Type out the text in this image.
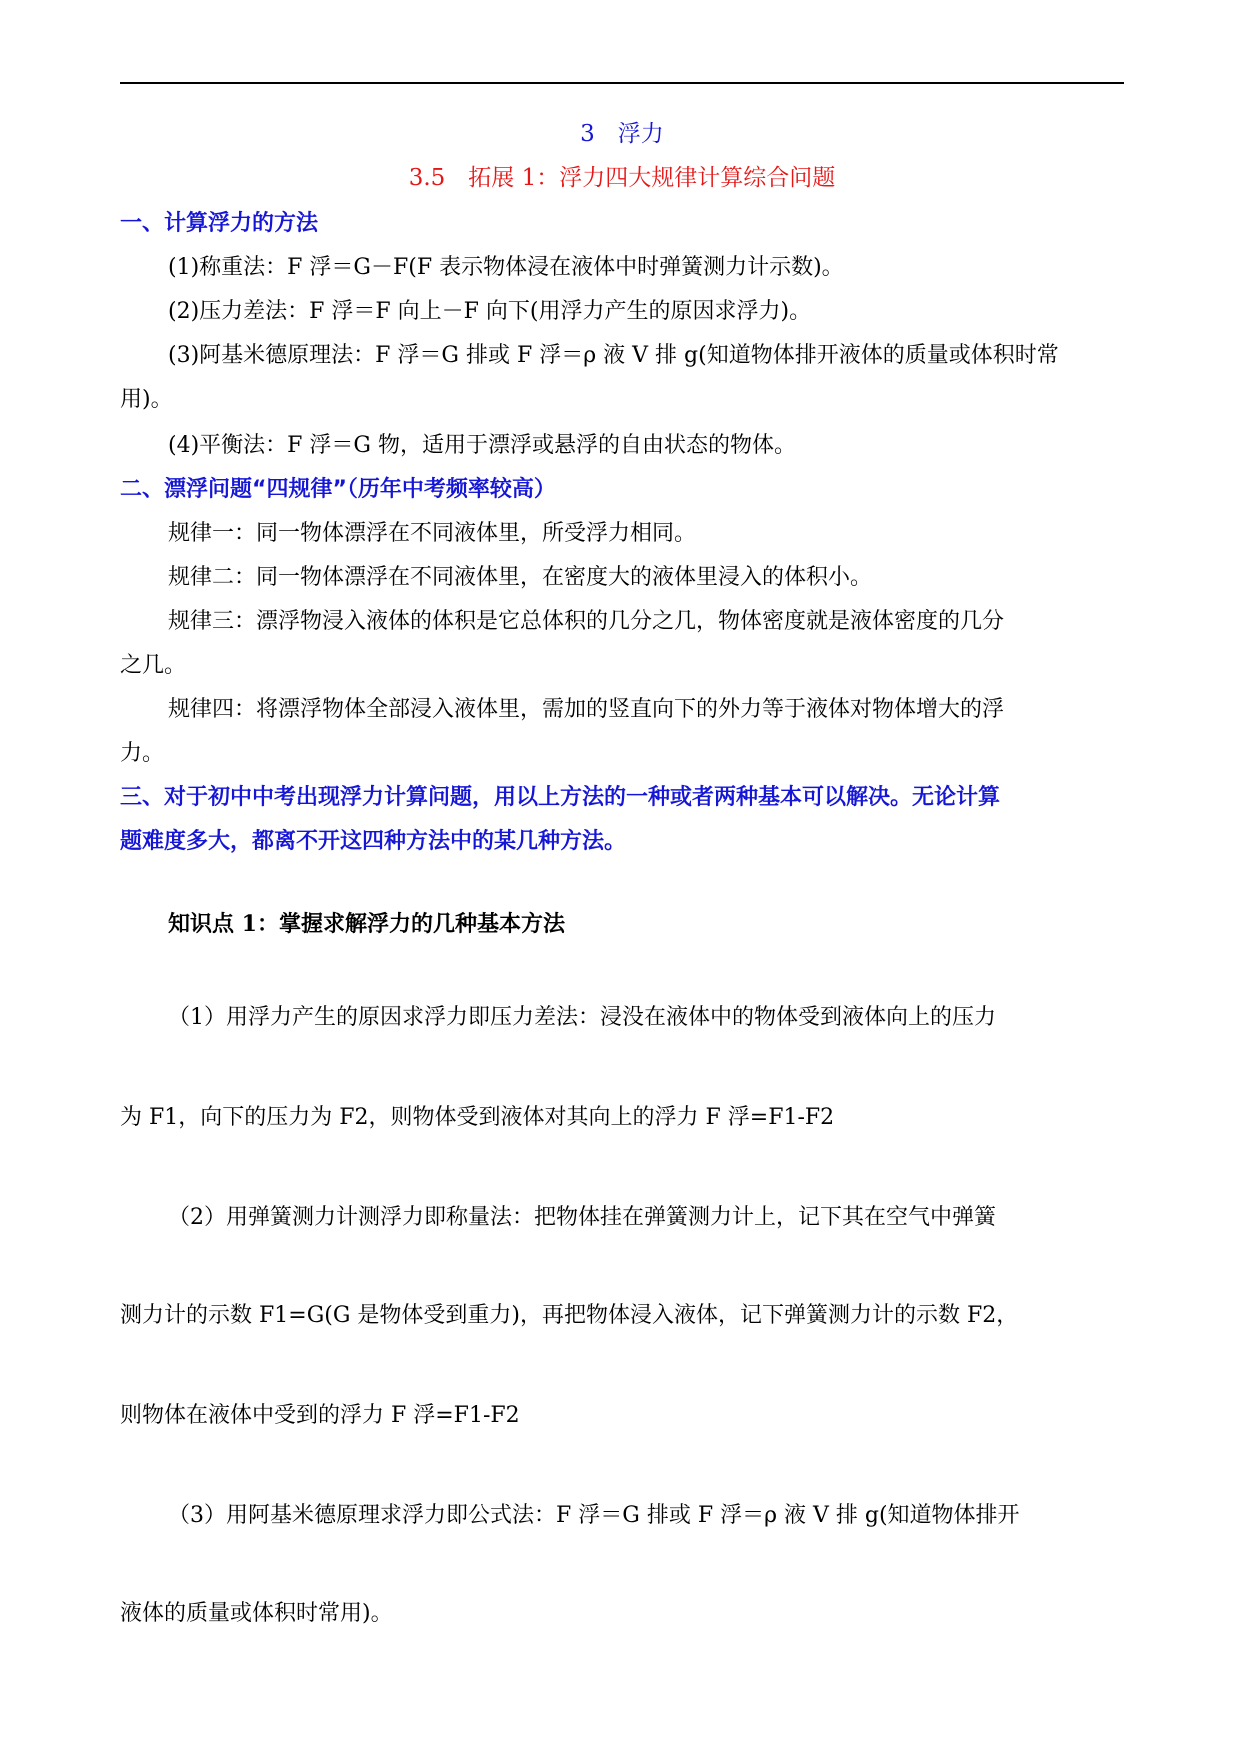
3　浮力
3.5　拓展 1：浮力四大规律计算综合问题
一、计算浮力的方法
(1)称重法：F 浮＝G－F(F 表示物体浸在液体中时弹簧测力计示数)。
(2)压力差法：F 浮＝F 向上－F 向下(用浮力产生的原因求浮力)。
(3)阿基米德原理法：F 浮＝G 排或 F 浮＝ρ 液 V 排 g(知道物体排开液体的质量或体积时常
用)。
(4)平衡法：F 浮＝G 物，适用于漂浮或悬浮的自由状态的物体。
二、漂浮问题“四规律”（历年中考频率较高）
规律一：同一物体漂浮在不同液体里，所受浮力相同。
规律二：同一物体漂浮在不同液体里，在密度大的液体里浸入的体积小。
规律三：漂浮物浸入液体的体积是它总体积的几分之几，物体密度就是液体密度的几分
之几。
规律四：将漂浮物体全部浸入液体里，需加的竖直向下的外力等于液体对物体增大的浮
力。
三、对于初中中考出现浮力计算问题，用以上方法的一种或者两种基本可以解决。无论计算
题难度多大，都离不开这四种方法中的某几种方法。
知识点 1：掌握求解浮力的几种基本方法
（1）用浮力产生的原因求浮力即压力差法：浸没在液体中的物体受到液体向上的压力
为 F1，向下的压力为 F2，则物体受到液体对其向上的浮力 F 浮=F1-F2
（2）用弹簧测力计测浮力即称量法：把物体挂在弹簧测力计上，记下其在空气中弹簧
测力计的示数 F1=G(G 是物体受到重力)，再把物体浸入液体，记下弹簧测力计的示数 F2，
则物体在液体中受到的浮力 F 浮=F1-F2
（3）用阿基米德原理求浮力即公式法：F 浮＝G 排或 F 浮＝ρ 液 V 排 g(知道物体排开
液体的质量或体积时常用)。
